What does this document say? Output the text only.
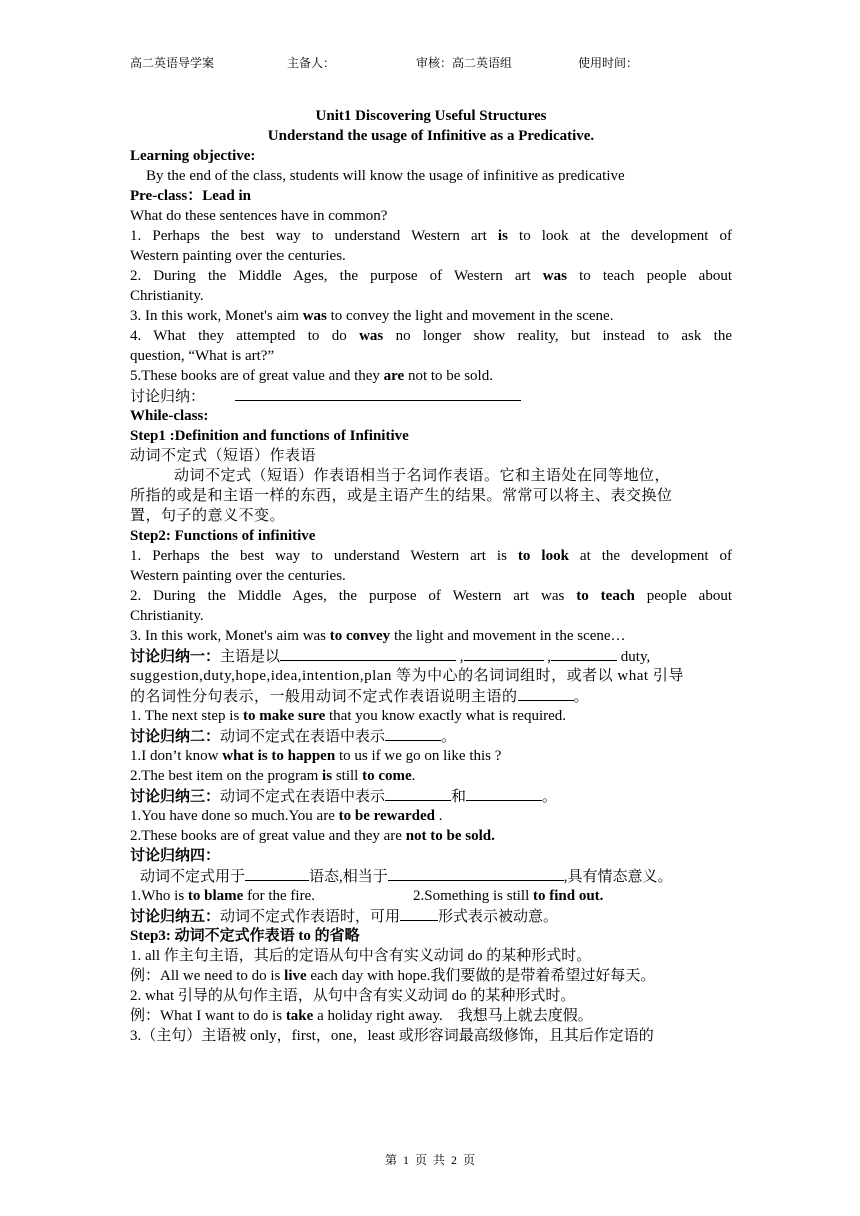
高二英语导学案	主备人：	审核：高二英语组	使用时间：
Unit1 Discovering Useful Structures
Understand the usage of Infinitive as a Predicative.
Learning objective:
By the end of the class, students will know the usage of infinitive as predicative
Pre-class：Lead in
What do these sentences have in common?
1. Perhaps the best way to understand Western art is to look at the development of
Western painting over the centuries.
2. During the Middle Ages, the purpose of Western art was to teach people about
Christianity.
3. In this work, Monet's aim was to convey the light and movement in the scene.
4. What they attempted to do was no longer show reality, but instead to ask the
question, “What is art?”
5.These books are of great value and they are not to be sold.
讨论归纳：
While-class:
Step1 :Definition and functions of Infinitive
动词不定式（短语）作表语
动词不定式（短语）作表语相当于名词作表语。它和主语处在同等地位，
所指的或是和主语一样的东西，或是主语产生的结果。常常可以将主、表交换位
置，句子的意义不变。
Step2: Functions of infinitive
1. Perhaps the best way to understand Western art is to look at the development of
Western painting over the centuries.
2. During the Middle Ages, the purpose of Western art was to teach people about
Christianity.
3. In this work, Monet's aim was to convey the light and movement in the scene…
讨论归纳一：主语是以	,	,	duty,
suggestion,duty,hope,idea,intention,plan 等为中心的名词词组时，或者以 what 引导
的名词性分句表示，一般用动词不定式作表语说明主语的	。
1. The next step is to make sure that you know exactly what is required.
讨论归纳二：动词不定式在表语中表示	。
1.I don’t know what is to happen to us if we go on like this ?
2.The best item on the program is still to come.
讨论归纳三：动词不定式在表语中表示	和	。
1.You have done so much.You are to be rewarded .
2.These books are of great value and they are not to be sold.
讨论归纳四：
动词不定式用于	语态,相当于	,具有情态意义。
1.Who is to blame for the fire.	2.Something is still to find out.
讨论归纳五：动词不定式作表语时，可用	形式表示被动意。
Step3: 动词不定式作表语 to 的省略
1. all 作主句主语，其后的定语从句中含有实义动词 do 的某种形式时。
例：All we need to do is live each day with hope.我们要做的是带着希望过好每天。
2. what 引导的从句作主语，从句中含有实义动词 do 的某种形式时。
例：What I want to do is take a holiday right away.    我想马上就去度假。
3.（主句）主语被 only，first，one，least 或形容词最高级修饰，且其后作定语的
第  1  页  共  2  页
